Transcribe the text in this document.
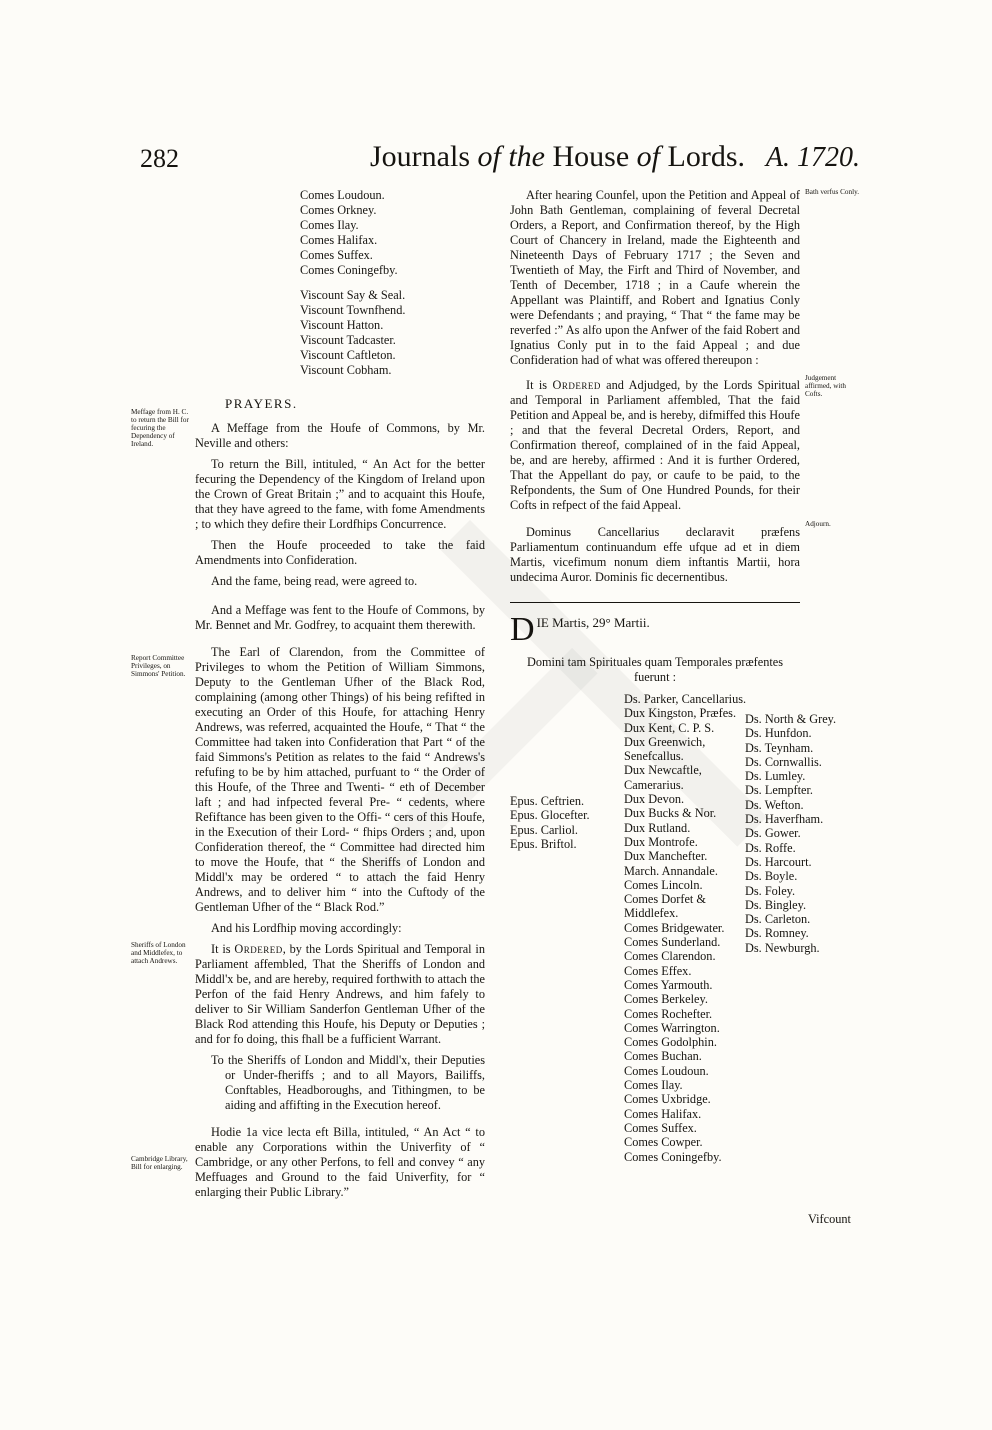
282	Journals of the House of Lords. A. 1720.
Meffage from H. C. to return the Bill for fecuring the Dependency of Ireland.
Report Committee Privileges, on Simmons' Petition.
Sheriffs of London and Middlefex, to attach Andrews.
Cambridge Library, Bill for enlarging.
Bath verfus Conly.
Judgement affirmed, with Cofts.
Adjourn.
Comes Loudoun.
Comes Orkney.
Comes Ilay.
Comes Halifax.
Comes Suffex.
Comes Coningefby.
Viscount Say & Seal.
Viscount Townfhend.
Viscount Hatton.
Viscount Tadcaster.
Viscount Caftleton.
Viscount Cobham.
PRAYERS.

A Meffage from the Houfe of Commons, by Mr. Neville and others:

To return the Bill, intituled, “ An Act for the better fecuring the Dependency of the Kingdom of Ireland upon the Crown of Great Britain ;” and to acquaint this Houfe, that they have agreed to the fame, with fome Amendments ; to which they defire their Lordfhips Concurrence.

Then the Houfe proceeded to take the faid Amendments into Confideration.

And the fame, being read, were agreed to.

And a Meffage was fent to the Houfe of Commons, by Mr. Bennet and Mr. Godfrey, to acquaint them therewith.

The Earl of Clarendon, from the Committee of Privileges to whom the Petition of William Simmons, Deputy to the Gentleman Ufher of the Black Rod, complaining (among other Things) of his being refifted in executing an Order of this Houfe, for attaching Henry Andrews, was referred, acquainted the Houfe, “ That “ the Committee had taken into Confideration that Part “ of the faid Simmons's Petition as relates to the faid “ Andrews's refufing to be by him attached, purfuant to “ the Order of this Houfe, of the Three and Twenti- “ eth of December laft ; and had infpected feveral Pre- “ cedents, where Refiftance has been given to the Offi- “ cers of this Houfe, in the Execution of their Lord- “ fhips Orders ; and, upon Confideration thereof, the “ Committee had directed him to move the Houfe, that “ the Sheriffs of London and Middl'x may be ordered “ to attach the faid Henry Andrews, and to deliver him “ into the Cuftody of the Gentleman Ufher of the “ Black Rod.”

And his Lordfhip moving accordingly:

It is Ordered, by the Lords Spiritual and Temporal in Parliament affembled, That the Sheriffs of London and Middl'x be, and are hereby, required forthwith to attach the Perfon of the faid Henry Andrews, and him fafely to deliver to Sir William Sanderfon Gentleman Ufher of the Black Rod attending this Houfe, his Deputy or Deputies ; and for fo doing, this fhall be a fufficient Warrant.

To the Sheriffs of London and Middl'x, their Deputies or Under-fheriffs ; and to all Mayors, Bailiffs, Conftables, Headboroughs, and Tithingmen, to be aiding and affifting in the Execution hereof.

Hodie 1a vice lecta eft Billa, intituled, “ An Act “ to enable any Corporations within the Univerfity of “ Cambridge, or any other Perfons, to fell and convey “ any Meffuages and Ground to the faid Univerfity, for “ enlarging their Public Library.”

After hearing Counfel, upon the Petition and Appeal of John Bath Gentleman, complaining of feveral Decretal Orders, a Report, and Confirmation thereof, by the High Court of Chancery in Ireland, made the Eighteenth and Nineteenth Days of February 1717 ; the Seven and Twentieth of May, the Firft and Third of November, and Tenth of December, 1718 ; in a Caufe wherein the Appellant was Plaintiff, and Robert and Ignatius Conly were Defendants ; and praying, “ That “ the fame may be reverfed :” As alfo upon the Anfwer of the faid Robert and Ignatius Conly put in to the faid Appeal ; and due Confideration had of what was offered thereupon :

It is Ordered and Adjudged, by the Lords Spiritual and Temporal in Parliament affembled, That the faid Petition and Appeal be, and is hereby, difmiffed this Houfe ; and that the feveral Decretal Orders, Report, and Confirmation thereof, complained of in the faid Appeal, be, and are hereby, affirmed : And it is further Ordered, That the Appellant do pay, or caufe to be paid, to the Refpondents, the Sum of One Hundred Pounds, for their Cofts in refpect of the faid Appeal.

Dominus Cancellarius declaravit præfens Parliamentum continuandum effe ufque ad et in diem Martis, vicefimum nonum diem inftantis Martii, hora undecima Auror. Dominis fic decernentibus.

DIE Martis, 29° Martii.
Domini tam Spirituales quam Temporales præfentes fuerunt :
Epus. Ceftrien.
Epus. Glocefter.
Epus. Carliol.
Epus. Briftol.
Ds. Parker, Cancellarius.
Dux Kingston, Præfes.
Dux Kent, C. P. S.
Dux Greenwich, Senefcallus.
Dux Newcaftle, Camerarius.
Dux Devon.
Dux Bucks & Nor.
Dux Rutland.
Dux Montrofe.
Dux Manchefter.
March. Annandale.
Comes Lincoln.
Comes Dorfet & Middlefex.
Comes Bridgewater.
Comes Sunderland.
Comes Clarendon.
Comes Effex.
Comes Yarmouth.
Comes Berkeley.
Comes Rochefter.
Comes Warrington.
Comes Godolphin.
Comes Buchan.
Comes Loudoun.
Comes Ilay.
Comes Uxbridge.
Comes Halifax.
Comes Suffex.
Comes Cowper.
Comes Coningefby.
Ds. North & Grey.
Ds. Hunfdon.
Ds. Teynham.
Ds. Cornwallis.
Ds. Lumley.
Ds. Lempfter.
Ds. Wefton.
Ds. Haverfham.
Ds. Gower.
Ds. Roffe.
Ds. Harcourt.
Ds. Boyle.
Ds. Foley.
Ds. Bingley.
Ds. Carleton.
Ds. Romney.
Ds. Newburgh.
Vifcount
